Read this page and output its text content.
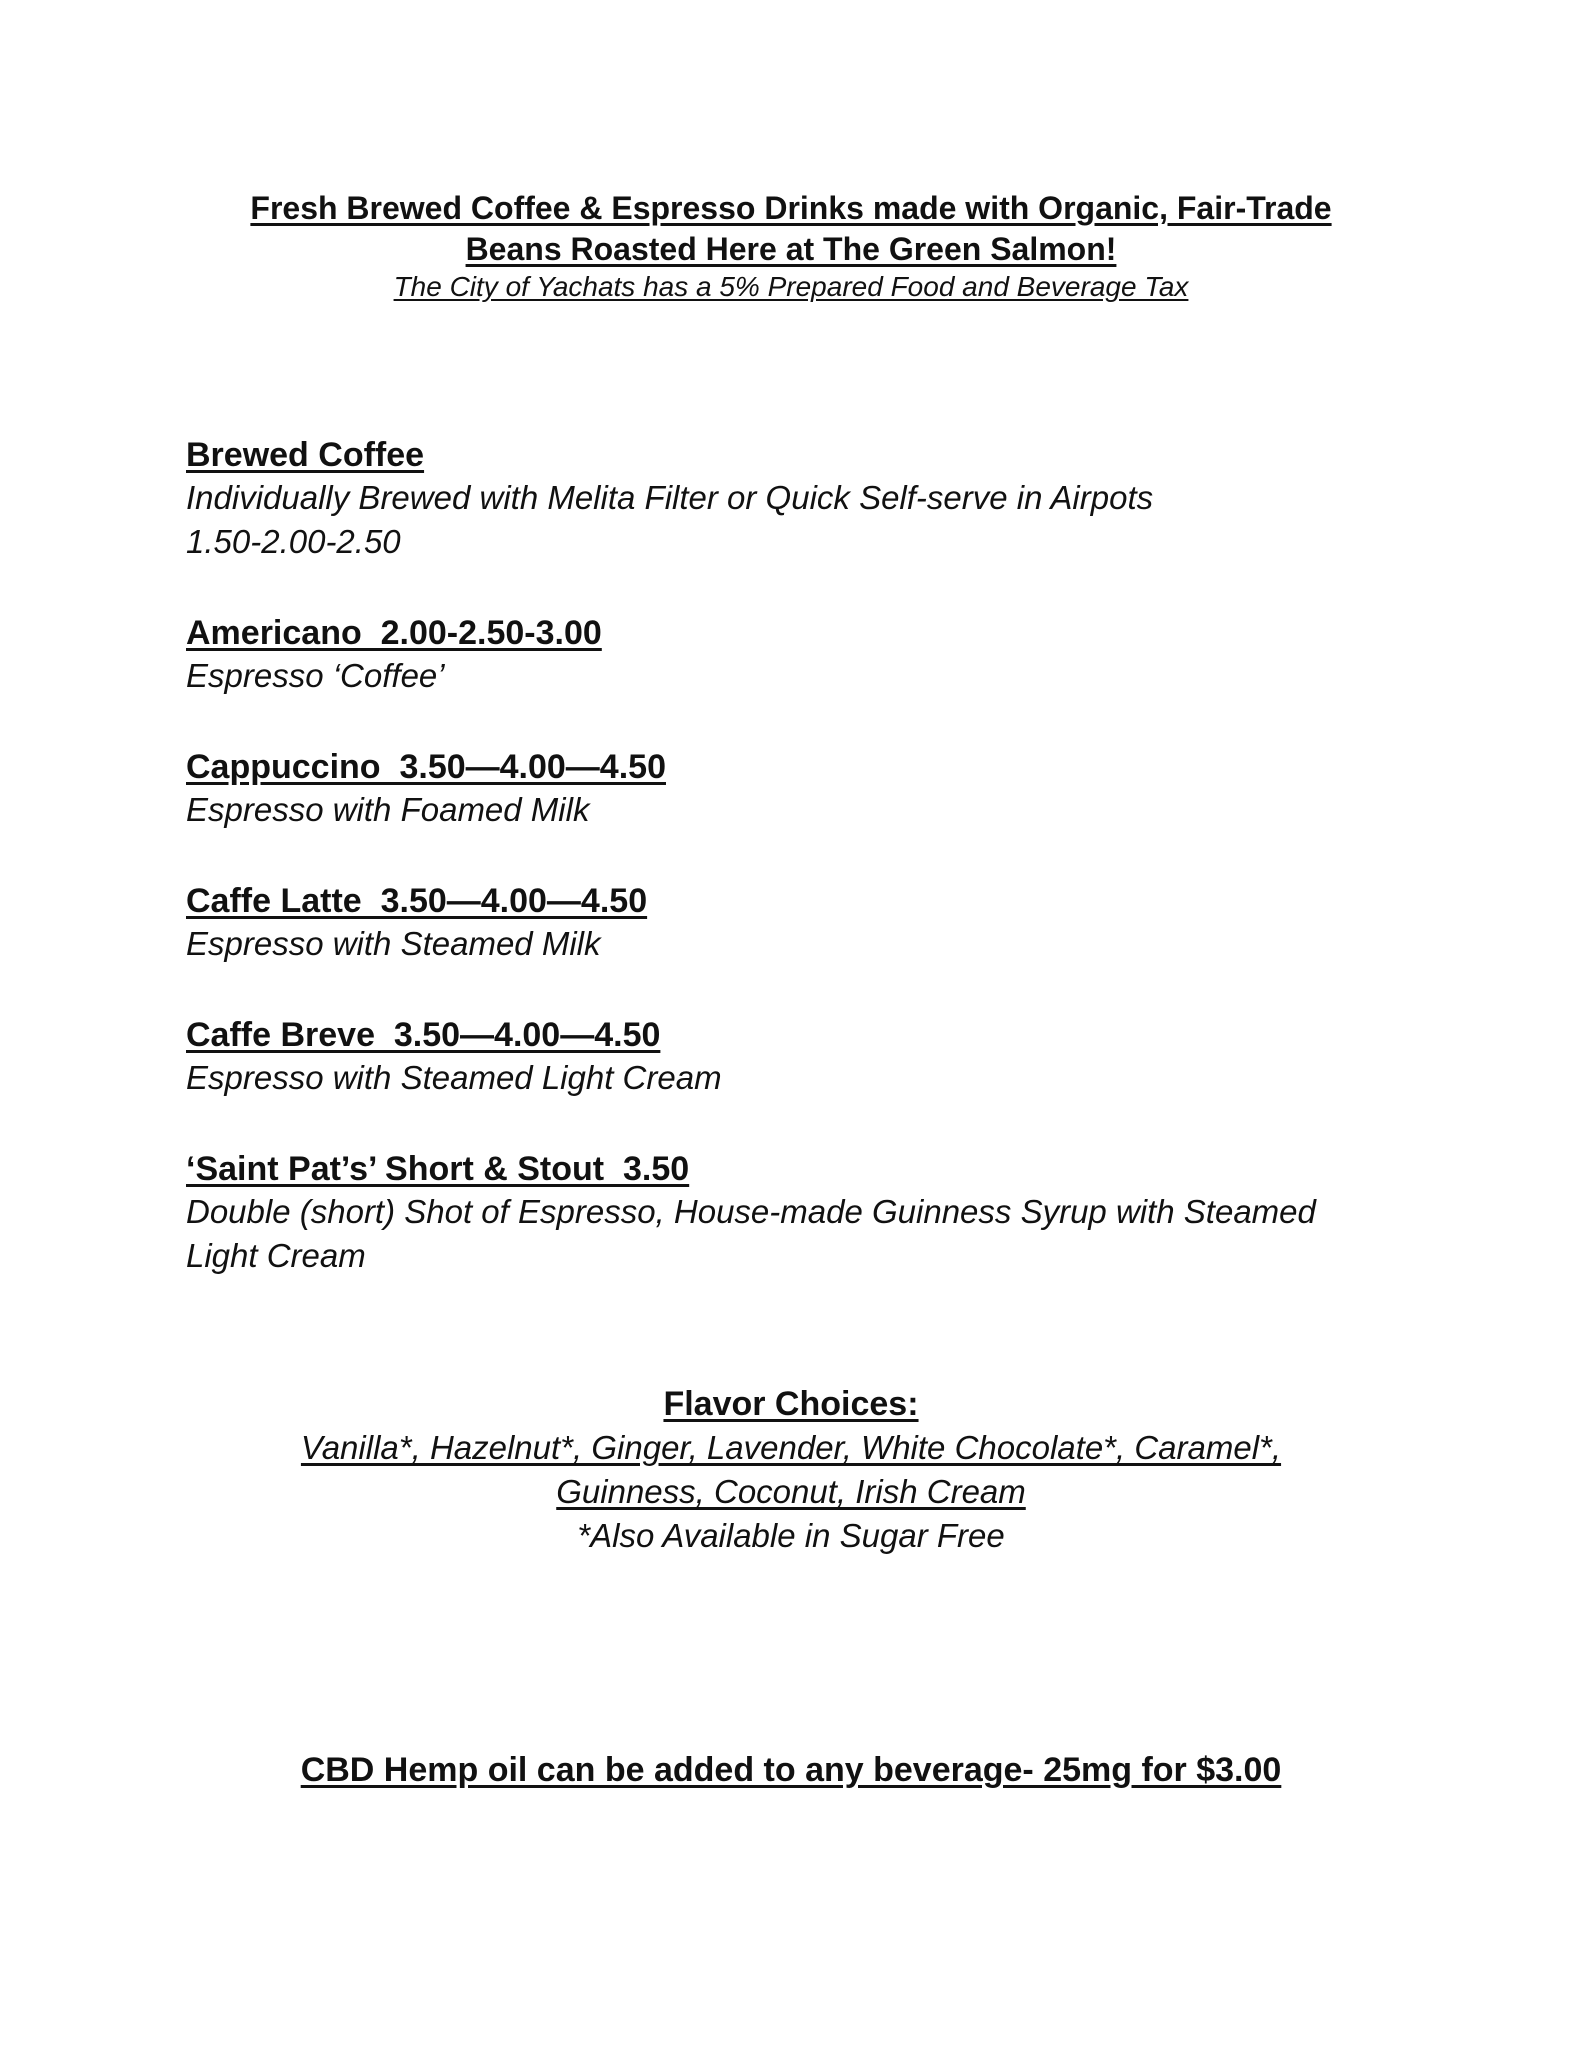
Fresh Brewed Coffee & Espresso Drinks made with Organic, Fair-Trade Beans Roasted Here at The Green Salmon!
The City of Yachats has a 5% Prepared Food and Beverage Tax
Brewed Coffee
Individually Brewed with Melita Filter or Quick Self-serve in Airpots
1.50-2.00-2.50
Americano  2.00-2.50-3.00
Espresso ‘Coffee’
Cappuccino  3.50—4.00—4.50
Espresso with Foamed Milk
Caffe Latte  3.50—4.00—4.50
Espresso with Steamed Milk
Caffe Breve  3.50—4.00—4.50
Espresso with Steamed Light Cream
‘Saint Pat’s’ Short & Stout  3.50
Double (short) Shot of Espresso, House-made Guinness Syrup with Steamed Light Cream
Flavor Choices:
Vanilla*, Hazelnut*, Ginger, Lavender, White Chocolate*, Caramel*,
Guinness, Coconut, Irish Cream
*Also Available in Sugar Free
CBD Hemp oil can be added to any beverage- 25mg for $3.00
